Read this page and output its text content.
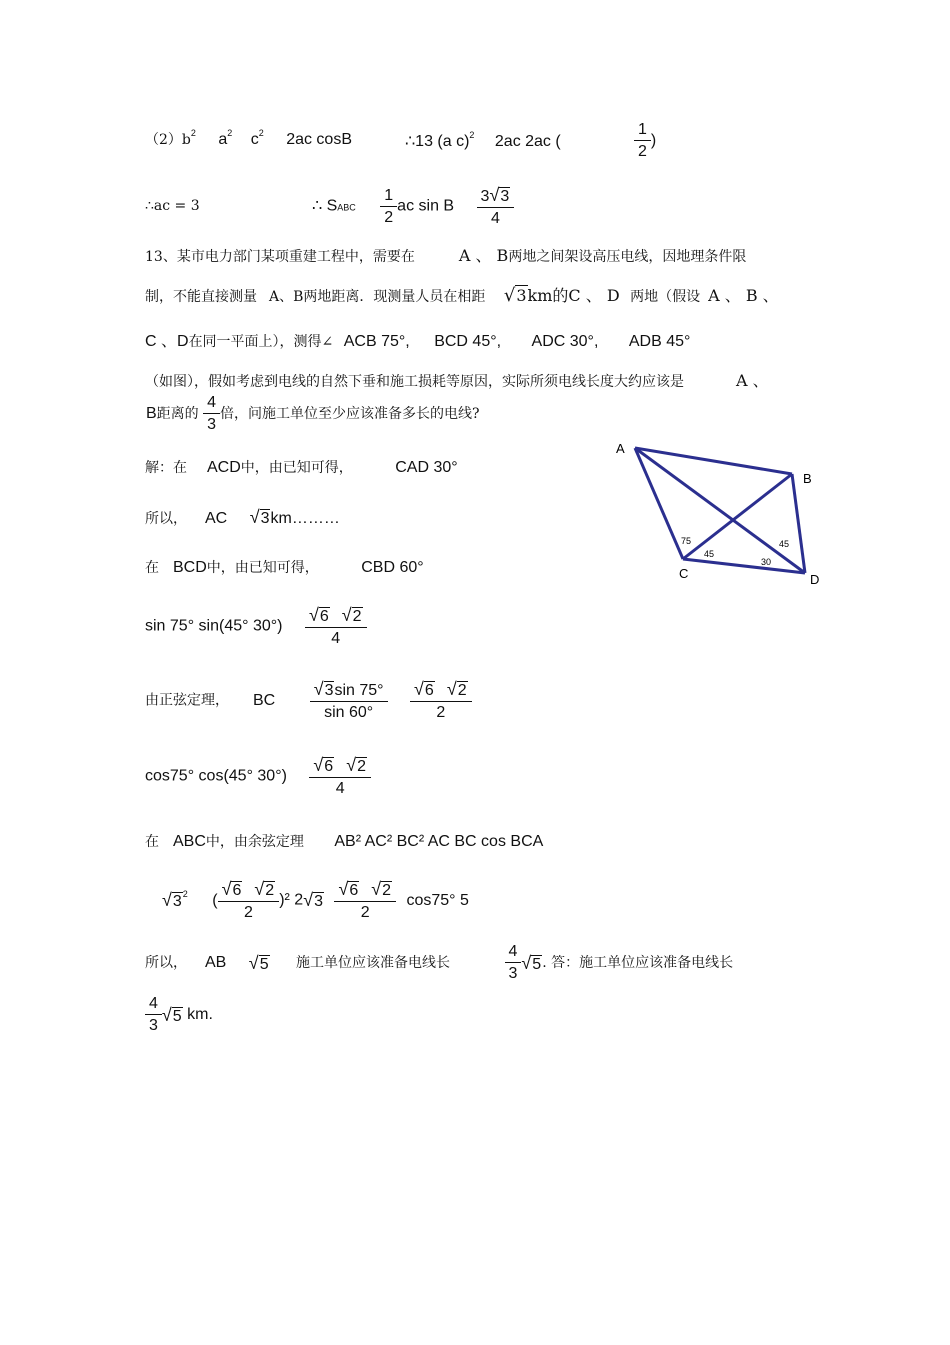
$(2)b^2$ $a^2$ $c^2$ 2ac cosB	∴13 (a c)$^2$ 2ac 2ac (	$\frac{1}{2}$ )
∴ac = 3	∴ SABC $\frac{1}{2}$ ac sin B $\frac{3√3}{4}$
13、某市电力部门某项重建工程中，需要在	A 、 B两地之间架设高压电线，因地理条件限
制，不能直接测量 A、B两地距离．现测量人员在相距 √3km的C 、 D 两地（假设 A 、 B 、
C 、D在同一平面上），测得∠ ACB 75°, BCD 45°, ADC 30°, ADB 45°
（如图），假如考虑到电线的自然下垂和施工损耗等原因，实际所须电线长度大约应该是	A 、
B距离的 $\frac{4}{3}$ 倍，问施工单位至少应该准备多长的电线?
解：在 ACD中，由已知可得，	CAD 30°
所以， AC √3km………
在 BCD中，由已知可得，	CBD 60°
sin 75° sin(45° $30^\circ) \frac{√6 √2}{4}$
由正弦定理， BC $\frac{√3\sin 75^\circ}{\sin 60^\circ}$
$\frac{√6 √2}{2}$
cos75° cos(45° $30^\circ) \frac{√6 √2}{4}$
在 ABC中，由余弦定理 AB² AC² BC² AC BC cos BCA
$√3^2$ ( $\frac{√6 √2}{2} )^2$ $2√3 \frac{√6 √2}{2} \cos 75^\circ$ 5
所以， AB √5 施工单位应该准备电线长	$\frac{4}{3} √5$. 答：施工单位应该准备电线长
$\frac{4}{3} √5$ km.
A
B
C	D
75
45
45
30
